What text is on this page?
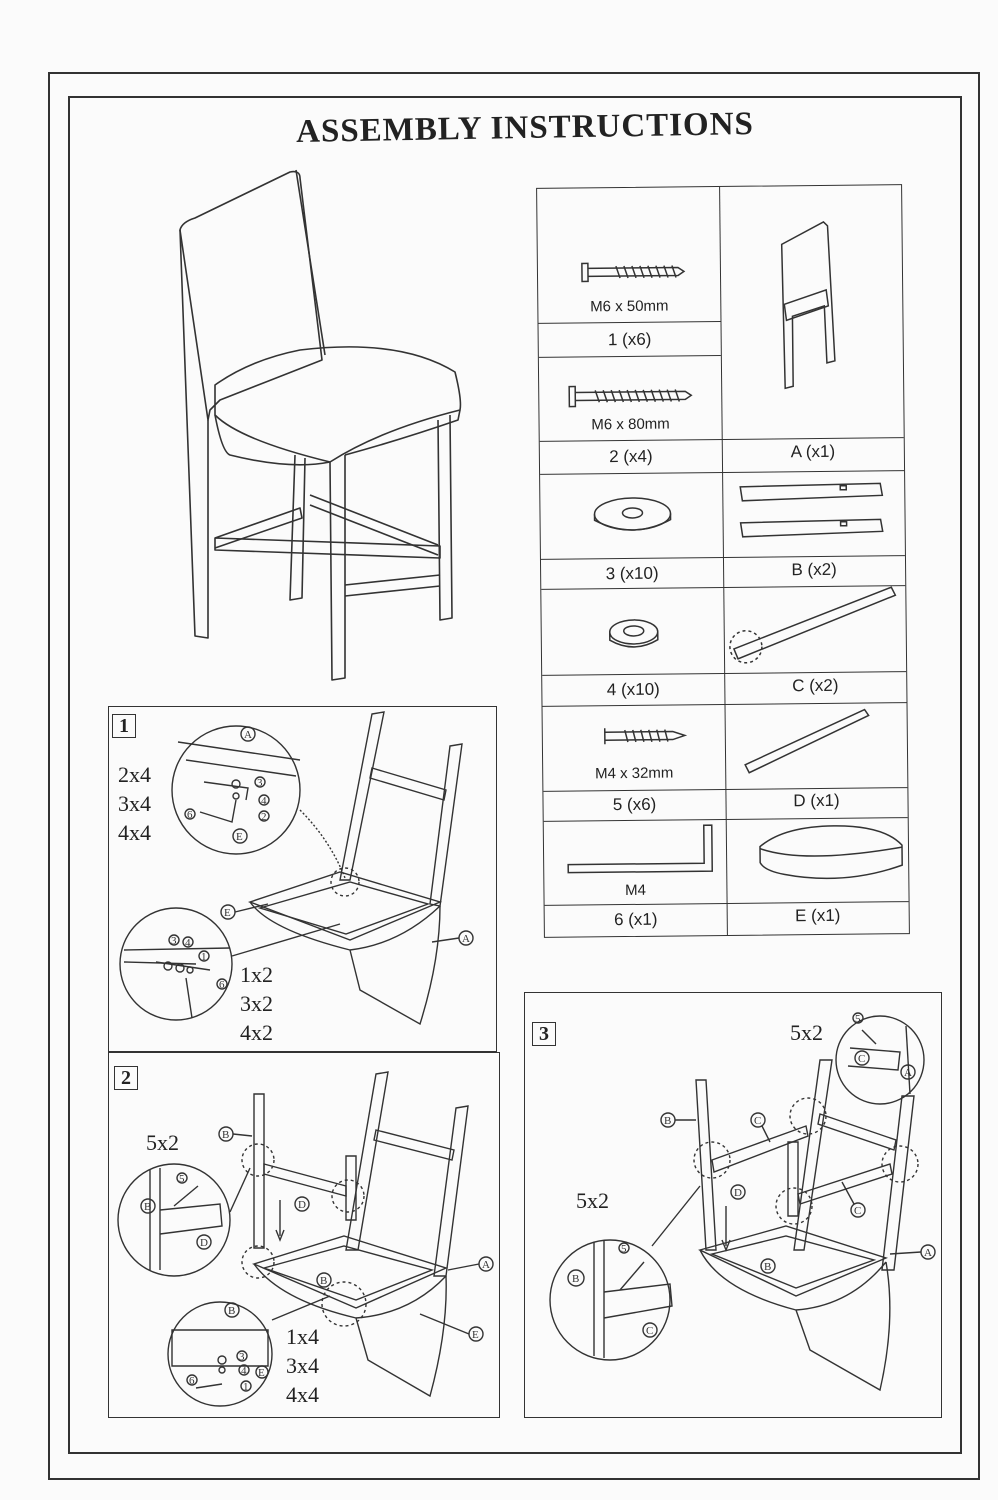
ASSEMBLY INSTRUCTIONS
M6 x 50mm
1 (x6)
M6 x 80mm
2 (x4)
3 (x10)
4 (x10)
M4 x 32mm
5 (x6)
M4
6 (x1)
A (x1)
B (x2)
C (x2)
D (x1)
E (x1)
1
2x4
3x4
4x4
1x2
3x2
4x2
2
5x2
1x4
3x4
4x4
3	5x2
5x2
A
E
E
A
3
4
2
6
3 4
1
6
B
D
B
D
5
A
B
B
E
3
4 E
1
6
B	C
D
C
A
B
C
A
5
B
C
5
